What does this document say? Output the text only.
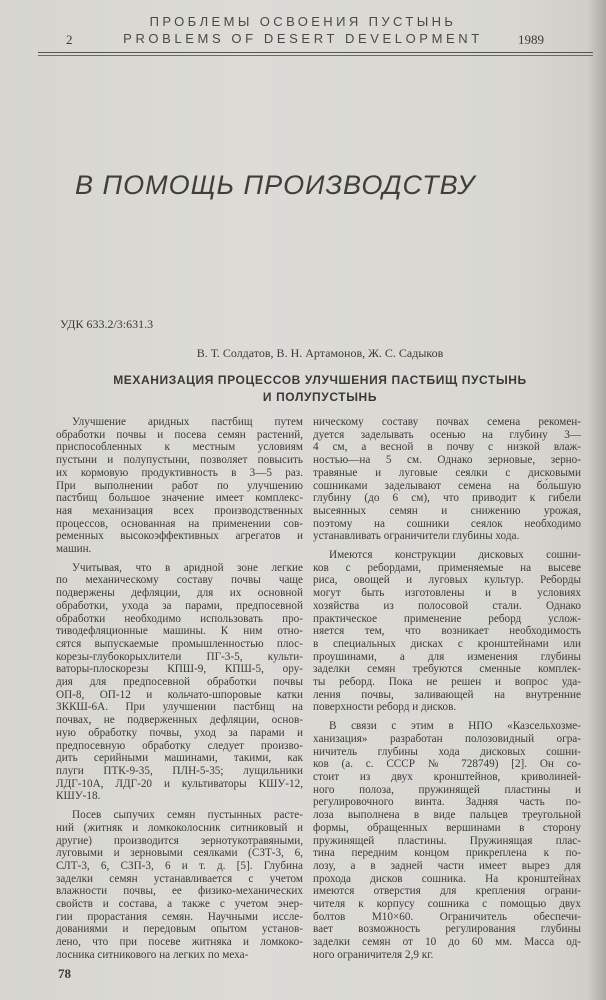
2
ПРОБЛЕМЫ ОСВОЕНИЯ ПУСТЫНЬ
PROBLEMS OF DESERT DEVELOPMENT	1989
В ПОМОЩЬ ПРОИЗВОДСТВУ
УДК 633.2/3:631.3
В. Т. Солдатов, В. Н. Артамонов, Ж. С. Садыков
МЕХАНИЗАЦИЯ ПРОЦЕССОВ УЛУЧШЕНИЯ ПАСТБИЩ ПУСТЫНЬ
И ПОЛУПУСТЫНЬ
Улучшение аридных пастбищ путем
обработки почвы и посева семян растений,
приспособленных к местным условиям
пустыни и полупустыни, позволяет повысить
их кормовую продуктивность в 3—5 раз.
При выполнении работ по улучшению
пастбищ большое значение имеет комплекс-
ная механизация всех производственных
процессов, основанная на применении сов-
ременных высокоэффективных агрегатов и
машин.
Учитывая, что в аридной зоне легкие
по механическому составу почвы чаще
подвержены дефляции, для их основной
обработки, ухода за парами, предпосевной
обработки необходимо использовать про-
тиводефляционные машины. К ним отно-
сятся выпускаемые промышленностью плос-
корезы-глубокорыхлители ПГ-3-5, культи-
ваторы-плоскорезы КПШ-9, КПШ-5, ору-
дия для предпосевной обработки почвы
ОП-8, ОП-12 и кольчато-шпоровые катки
ЗККШ-6А. При улучшении пастбищ на
почвах, не подверженных дефляции, основ-
ную обработку почвы, уход за парами и
предпосевную обработку следует произво-
дить серийными машинами, такими, как
плуги ПТК-9-35, ПЛН-5-35; лущильники
ЛДГ-10А, ЛДГ-20 и культиваторы КШУ-12,
КШУ-18.
Посев сыпучих семян пустынных расте-
ний (житняк и ломкоколосник ситниковый и
другие) производится зернотукотравяными,
луговыми и зерновыми сеялками (СЗТ-3, 6,
СЛТ-3, 6, СЗП-3, 6 и т. д. [5]. Глубина
заделки семян устанавливается с учетом
влажности почвы, ее физико-механических
свойств и состава, а также с учетом энер-
гии прорастания семян. Научными иссле-
дованиями и передовым опытом установ-
лено, что при посеве житняка и ломкоко-
лосника ситникового на легких по меха-
ническому составу почвах семена рекомен-
дуется заделывать осенью на глубину 3—
4 см, а весной в почву с низкой влаж-
ностью—на 5 см. Однако зерновые, зерно-
травяные и луговые сеялки с дисковыми
сошниками заделывают семена на бо́льшую
глубину (до 6 см), что приводит к гибели
высеянных семян и снижению урожая,
поэтому на сошники сеялок необходимо
устанавливать ограничители глубины хода.
Имеются конструкции дисковых сошни-
ков с ребордами, применяемые на высеве
риса, овощей и луговых культур. Реборды
могут быть изготовлены и в условиях
хозяйства из полосовой стали. Однако
практическое применение реборд услож-
няется тем, что возникает необходимость
в специальных дисках с кронштейнами или
проушинами, а для изменения глубины
заделки семян требуются сменные комплек-
ты реборд. Пока не решен и вопрос уда-
ления почвы, заливающей на внутренние
поверхности реборд и дисков.
В связи с этим в НПО «Казсельхозме-
ханизация» разработан полозовидный огра-
ничитель глубины хода дисковых сошни-
ков (а. с. СССР № 728749) [2]. Он со-
стоит из двух кронштейнов, криволиней-
ного полоза, пружинящей пластины и
регулировочного винта. Задняя часть по-
лоза выполнена в виде пальцев треугольной
формы, обращенных вершинами в сторону
пружинящей пластины. Пружинящая плас-
тина передним концом прикреплена к по-
лозу, а в задней части имеет вырез для
прохода дисков сошника. На кронштейнах
имеются отверстия для крепления ограни-
чителя к корпусу сошника с помощью двух
болтов М10×60. Ограничитель обеспечи-
вает возможность регулирования глубины
заделки семян от 10 до 60 мм. Масса од-
ного ограничителя 2,9 кг.
78
